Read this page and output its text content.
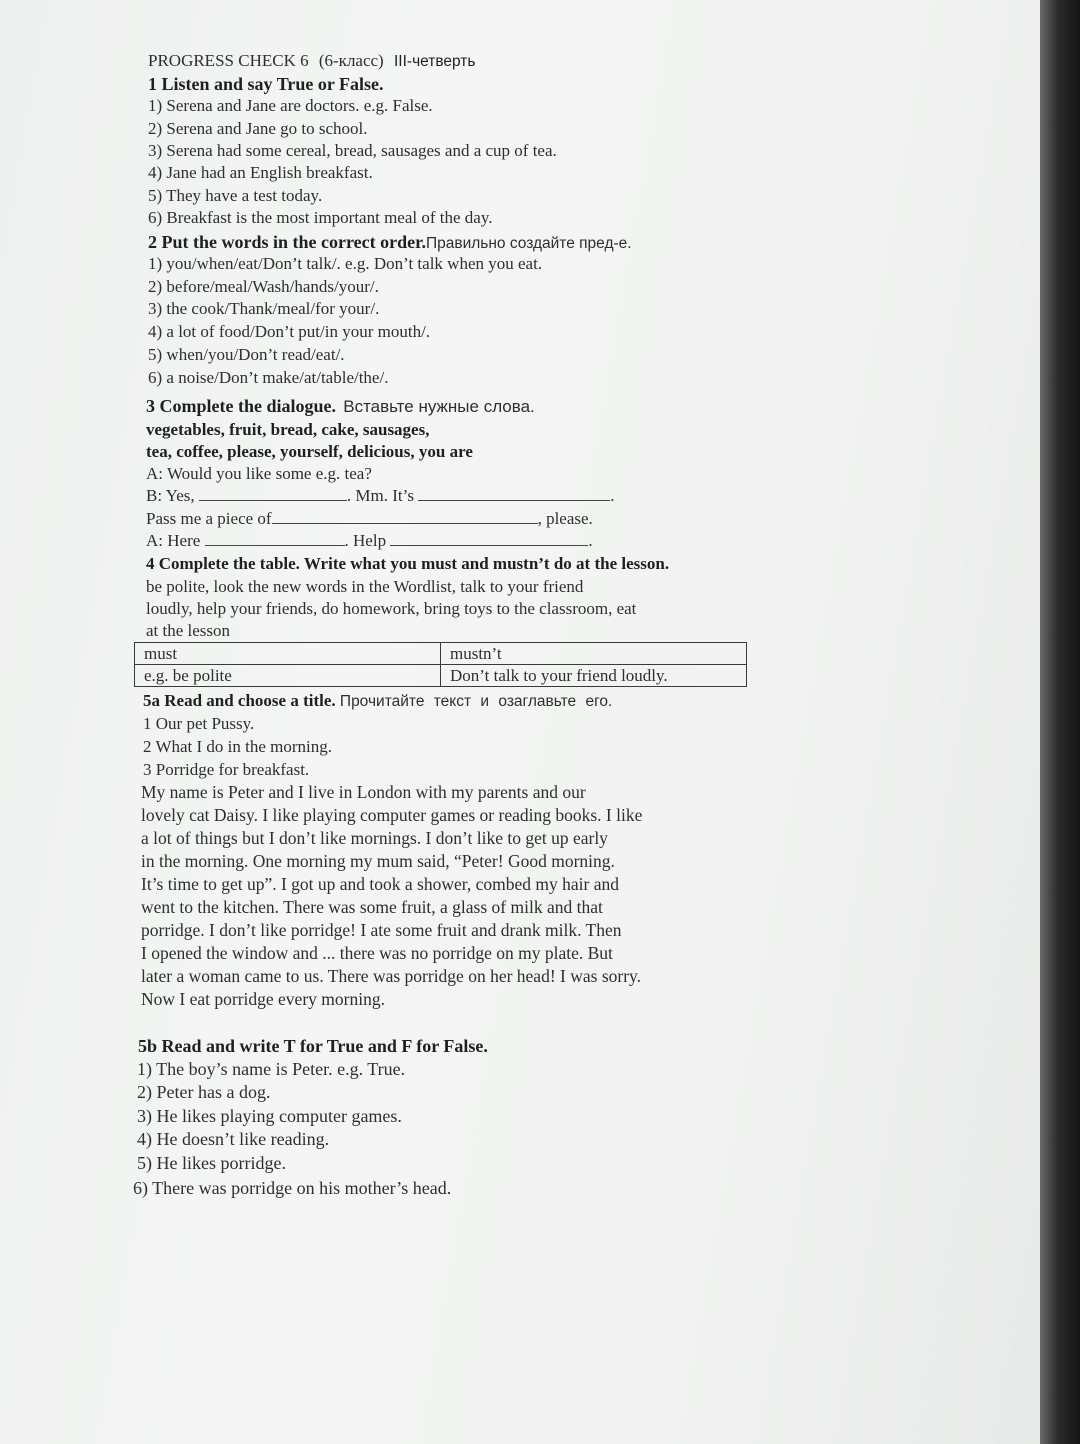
PROGRESS CHECK 6 (6-класс) III-четверть
1 Listen and say True or False.
1) Serena and Jane are doctors. e.g. False.
2) Serena and Jane go to school.
3) Serena had some cereal, bread, sausages and a cup of tea.
4) Jane had an English breakfast.
5) They have a test today.
6) Breakfast is the most important meal of the day.
2 Put the words in the correct order.Правильно создайте пред-е.
1) you/when/eat/Don’t talk/. e.g. Don’t talk when you eat.
2) before/meal/Wash/hands/your/.
3) the cook/Thank/meal/for your/.
4) a lot of food/Don’t put/in your mouth/.
5) when/you/Don’t read/eat/.
6) a noise/Don’t make/at/table/the/.
3 Complete the dialogue. Вставьте нужные слова.
vegetables, fruit, bread, cake, sausages,
tea, coffee, please, yourself, delicious, you are
A: Would you like some e.g. tea?
B: Yes,	. Mm. It’s	.
Pass me a piece of	, please.
A: Here	. Help	.
4 Complete the table. Write what you must and mustn’t do at the lesson.
be polite, look the new words in the Wordlist, talk to your friend
loudly, help your friends, do homework, bring toys to the classroom, eat
at the lesson
must	mustn’t
e.g. be polite	Don’t talk to your friend loudly.
5a Read and choose a title. Прочитайте текст и озаглавьте его.
1 Our pet Pussy.
2 What I do in the morning.
3 Porridge for breakfast.
My name is Peter and I live in London with my parents and our
lovely cat Daisy. I like playing computer games or reading books. I like
a lot of things but I don’t like mornings. I don’t like to get up early
in the morning. One morning my mum said, “Peter! Good morning.
It’s time to get up”. I got up and took a shower, combed my hair and
went to the kitchen. There was some fruit, a glass of milk and that
porridge. I don’t like porridge! I ate some fruit and drank milk. Then
I opened the window and ... there was no porridge on my plate. But
later a woman came to us. There was porridge on her head! I was sorry.
Now I eat porridge every morning.
5b Read and write T for True and F for False.
1) The boy’s name is Peter. e.g. True.
2) Peter has a dog.
3) He likes playing computer games.
4) He doesn’t like reading.
5) He likes porridge.
6) There was porridge on his mother’s head.
